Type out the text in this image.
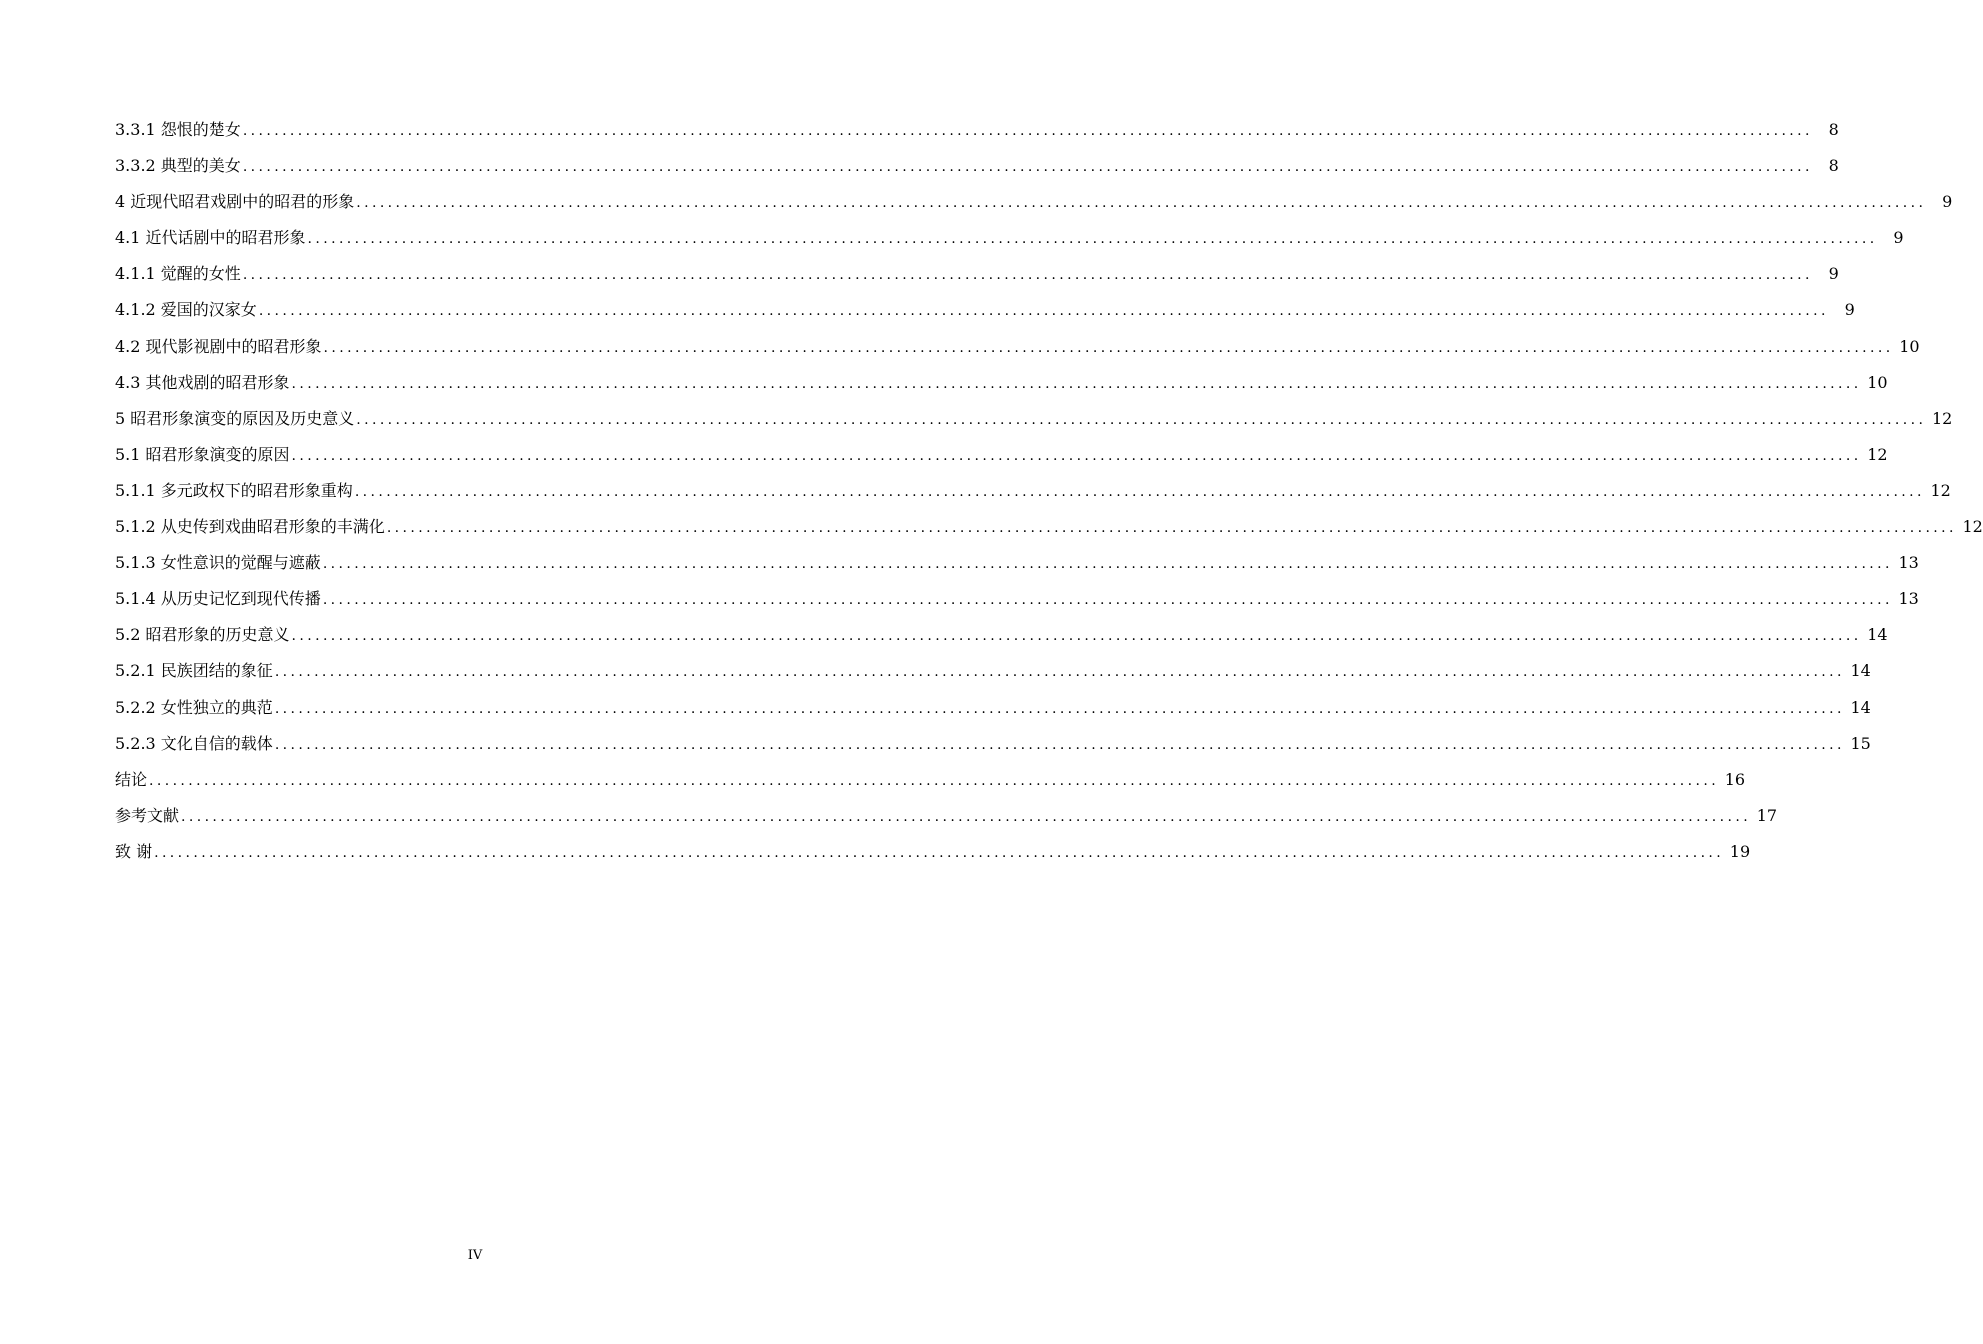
3.3.1 怨恨的楚女 ........................................................................................................................................................................................................ 8
3.3.2 典型的美女 ........................................................................................................................................................................................................ 8
4 近现代昭君戏剧中的昭君的形象 ........................................................................................................................................................................................................ 9
4.1 近代话剧中的昭君形象 ........................................................................................................................................................................................................ 9
4.1.1 觉醒的女性 ........................................................................................................................................................................................................ 9
4.1.2 爱国的汉家女 ........................................................................................................................................................................................................ 9
4.2 现代影视剧中的昭君形象 ........................................................................................................................................................................................................ 10
4.3 其他戏剧的昭君形象 ........................................................................................................................................................................................................ 10
5 昭君形象演变的原因及历史意义 ........................................................................................................................................................................................................ 12
5.1 昭君形象演变的原因 ........................................................................................................................................................................................................ 12
5.1.1 多元政权下的昭君形象重构 ........................................................................................................................................................................................................ 12
5.1.2 从史传到戏曲昭君形象的丰满化 ........................................................................................................................................................................................................ 12
5.1.3 女性意识的觉醒与遮蔽 ........................................................................................................................................................................................................ 13
5.1.4 从历史记忆到现代传播 ........................................................................................................................................................................................................ 13
5.2 昭君形象的历史意义 ........................................................................................................................................................................................................ 14
5.2.1 民族团结的象征 ........................................................................................................................................................................................................ 14
5.2.2 女性独立的典范 ........................................................................................................................................................................................................ 14
5.2.3 文化自信的载体 ........................................................................................................................................................................................................ 15
结论 ........................................................................................................................................................................................................ 16
参考文献 ........................................................................................................................................................................................................ 17
致 谢 ........................................................................................................................................................................................................ 19
IV
